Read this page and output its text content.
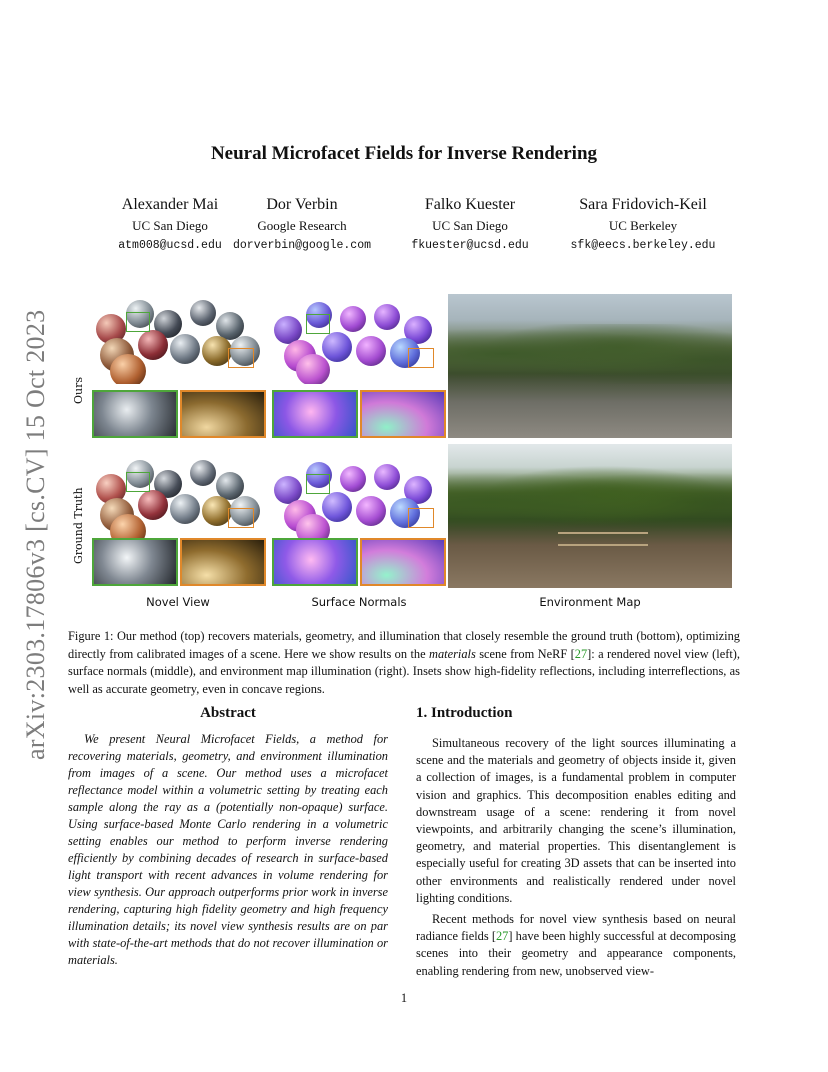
arXiv:2303.17806v3 [cs.CV] 15 Oct 2023
Neural Microfacet Fields for Inverse Rendering
Alexander Mai
UC San Diego
atm008@ucsd.edu
Dor Verbin
Google Research
dorverbin@google.com
Falko Kuester
UC San Diego
fkuester@ucsd.edu
Sara Fridovich-Keil
UC Berkeley
sfk@eecs.berkeley.edu
Ours
Ground Truth
Novel View	Surface Normals	Environment Map
Figure 1: Our method (top) recovers materials, geometry, and illumination that closely resemble the ground truth (bottom), optimizing directly from calibrated images of a scene. Here we show results on the materials scene from NeRF [27]: a rendered novel view (left), surface normals (middle), and environment map illumination (right). Insets show high-fidelity reflections, including interreflections, as well as accurate geometry, even in concave regions.
Abstract

We present Neural Microfacet Fields, a method for recovering materials, geometry, and environment illumination from images of a scene. Our method uses a microfacet reflectance model within a volumetric setting by treating each sample along the ray as a (potentially non-opaque) surface. Using surface-based Monte Carlo rendering in a volumetric setting enables our method to perform inverse rendering efficiently by combining decades of research in surface-based light transport with recent advances in volume rendering for view synthesis. Our approach outperforms prior work in inverse rendering, capturing high fidelity geometry and high frequency illumination details; its novel view synthesis results are on par with state-of-the-art methods that do not recover illumination or materials.

1. Introduction

Simultaneous recovery of the light sources illuminating a scene and the materials and geometry of objects inside it, given a collection of images, is a fundamental problem in computer vision and graphics. This decomposition enables editing and downstream usage of a scene: rendering it from novel viewpoints, and arbitrarily changing the scene’s illumination, geometry, and material properties. This disentanglement is especially useful for creating 3D assets that can be inserted into other environments and realistically rendered under novel lighting conditions.

Recent methods for novel view synthesis based on neural radiance fields [27] have been highly successful at decomposing scenes into their geometry and appearance components, enabling rendering from new, unobserved view-

1
